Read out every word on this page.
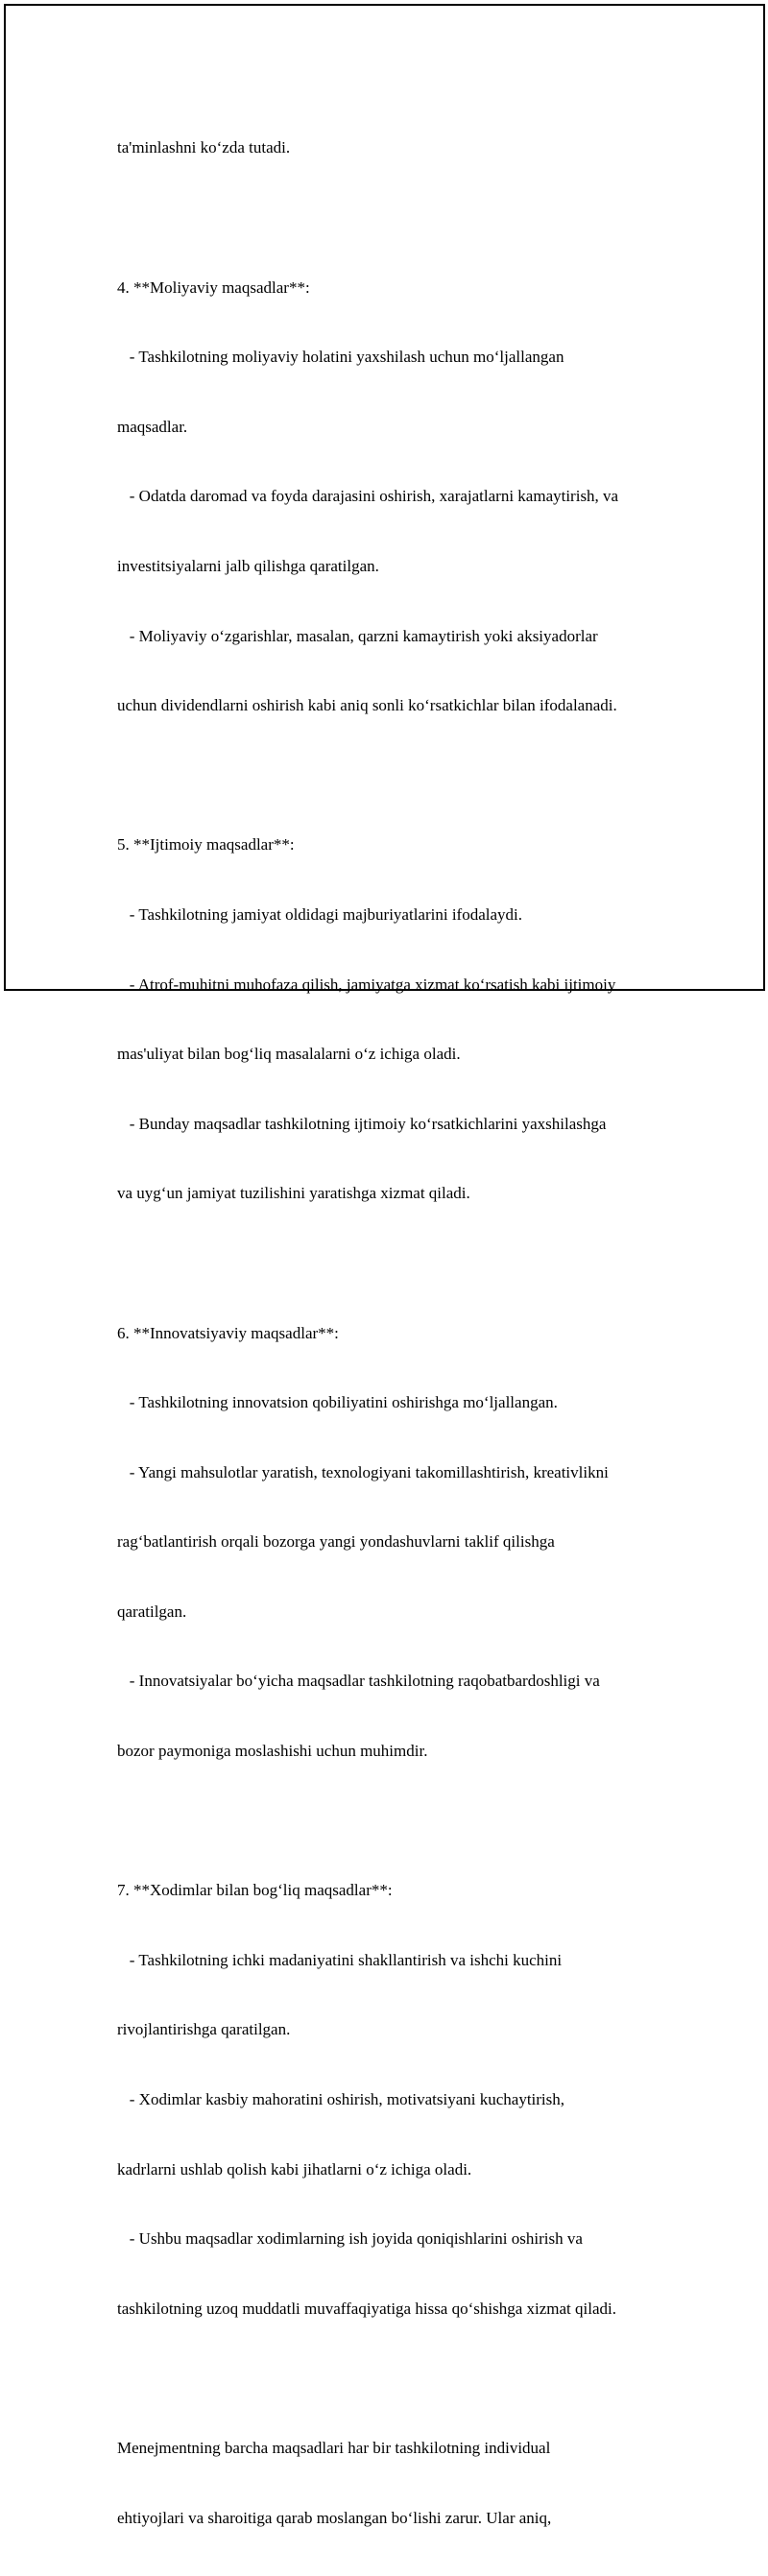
ta'minlashni ko‘zda tutadi.

4. **Moliyaviy maqsadlar**:

- Tashkilotning moliyaviy holatini yaxshilash uchun mo‘ljallangan

maqsadlar.

- Odatda daromad va foyda darajasini oshirish, xarajatlarni kamaytirish, va

investitsiyalarni jalb qilishga qaratilgan.

- Moliyaviy o‘zgarishlar, masalan, qarzni kamaytirish yoki aksiyadorlar

uchun dividendlarni oshirish kabi aniq sonli ko‘rsatkichlar bilan ifodalanadi.

5. **Ijtimoiy maqsadlar**:

- Tashkilotning jamiyat oldidagi majburiyatlarini ifodalaydi.

- Atrof-muhitni muhofaza qilish, jamiyatga xizmat ko‘rsatish kabi ijtimoiy

mas'uliyat bilan bog‘liq masalalarni o‘z ichiga oladi.

- Bunday maqsadlar tashkilotning ijtimoiy ko‘rsatkichlarini yaxshilashga

va uyg‘un jamiyat tuzilishini yaratishga xizmat qiladi.

6. **Innovatsiyaviy maqsadlar**:

- Tashkilotning innovatsion qobiliyatini oshirishga mo‘ljallangan.

- Yangi mahsulotlar yaratish, texnologiyani takomillashtirish, kreativlikni

rag‘batlantirish orqali bozorga yangi yondashuvlarni taklif qilishga

qaratilgan.

- Innovatsiyalar bo‘yicha maqsadlar tashkilotning raqobatbardoshligi va

bozor paymoniga moslashishi uchun muhimdir.

7. **Xodimlar bilan bog‘liq maqsadlar**:

- Tashkilotning ichki madaniyatini shakllantirish va ishchi kuchini

rivojlantirishga qaratilgan.

- Xodimlar kasbiy mahoratini oshirish, motivatsiyani kuchaytirish,

kadrlarni ushlab qolish kabi jihatlarni o‘z ichiga oladi.

- Ushbu maqsadlar xodimlarning ish joyida qoniqishlarini oshirish va

tashkilotning uzoq muddatli muvaffaqiyatiga hissa qo‘shishga xizmat qiladi.

Menejmentning barcha maqsadlari har bir tashkilotning individual

ehtiyojlari va sharoitiga qarab moslangan bo‘lishi zarur. Ular aniq,
